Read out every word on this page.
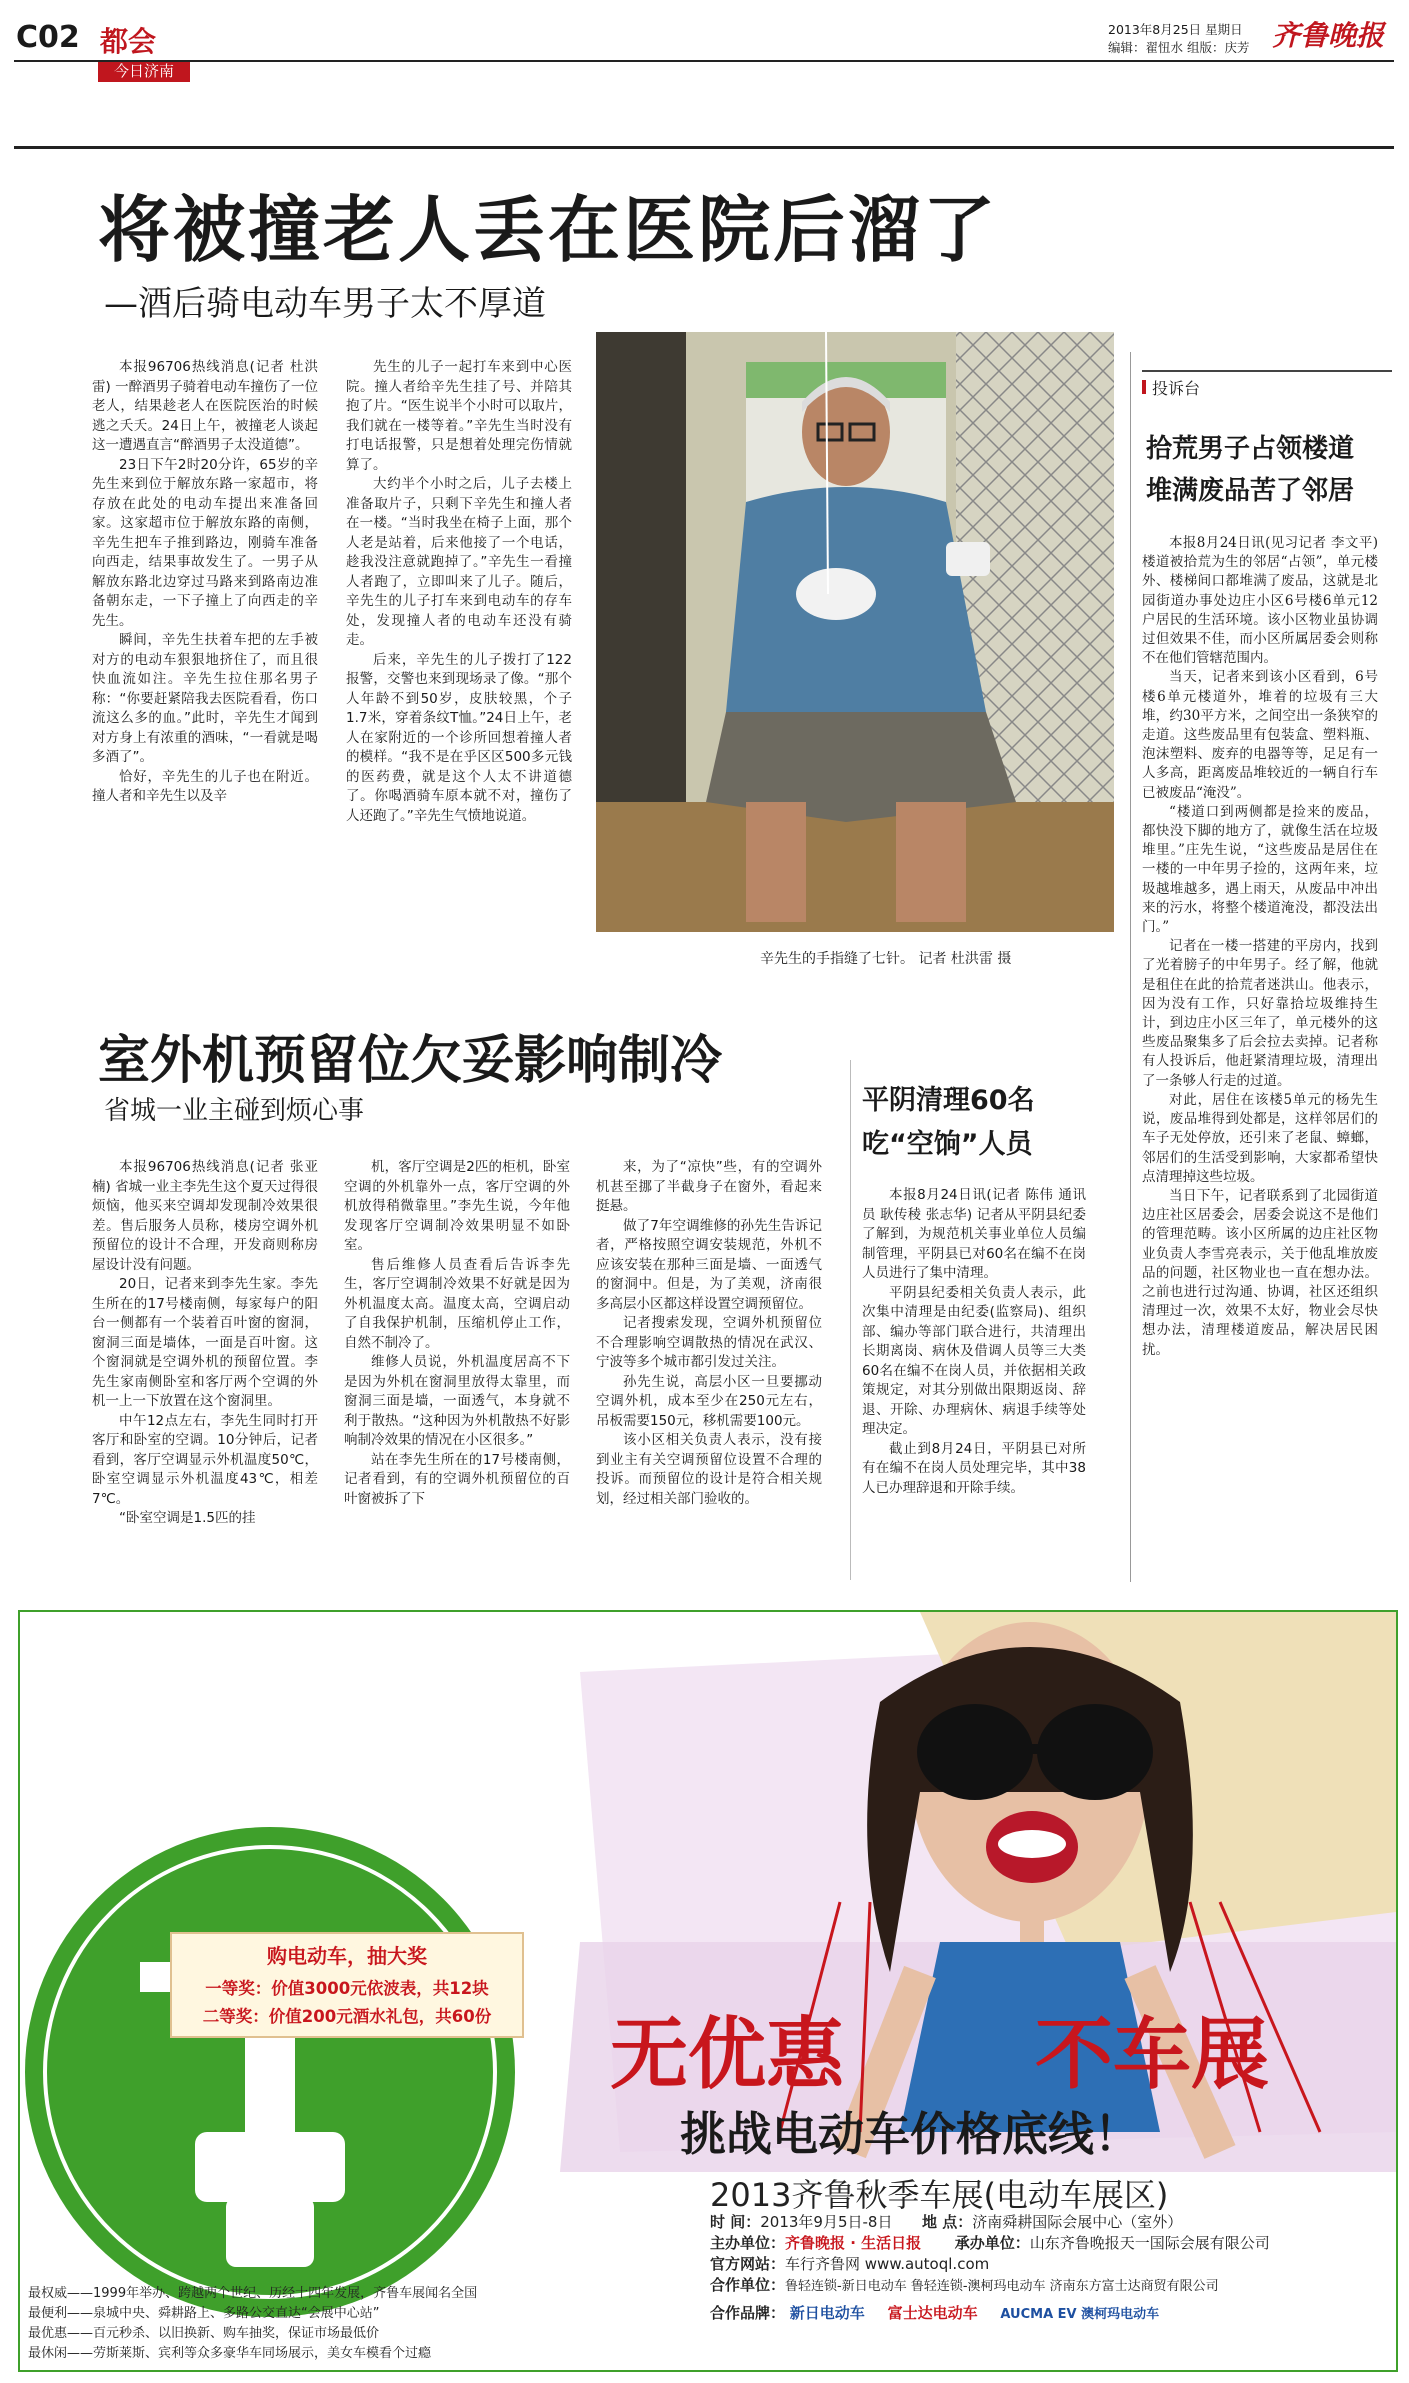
C02 都会
今日济南
2013年8月25日 星期日
编辑：翟忸水 组版：庆芳 齐鲁晚报
将被撞老人丢在医院后溜了
—酒后骑电动车男子太不厚道

本报96706热线消息(记者 杜洪雷) 一醉酒男子骑着电动车撞伤了一位老人，结果趁老人在医院医治的时候逃之夭夭。24日上午，被撞老人谈起这一遭遇直言“醉酒男子太没道德”。

23日下午2时20分许，65岁的辛先生来到位于解放东路一家超市，将存放在此处的电动车提出来准备回家。这家超市位于解放东路的南侧，辛先生把车子推到路边，刚骑车准备向西走，结果事故发生了。一男子从解放东路北边穿过马路来到路南边准备朝东走，一下子撞上了向西走的辛先生。

瞬间，辛先生扶着车把的左手被对方的电动车狠狠地挤住了，而且很快血流如注。辛先生拉住那名男子称：“你要赶紧陪我去医院看看，伤口流这么多的血。”此时，辛先生才闻到对方身上有浓重的酒味，“一看就是喝多酒了”。

恰好，辛先生的儿子也在附近。撞人者和辛先生以及辛

先生的儿子一起打车来到中心医院。撞人者给辛先生挂了号、并陪其抱了片。“医生说半个小时可以取片，我们就在一楼等着。”辛先生当时没有打电话报警，只是想着处理完伤情就算了。

大约半个小时之后，儿子去楼上准备取片子，只剩下辛先生和撞人者在一楼。“当时我坐在椅子上面，那个人老是站着，后来他接了一个电话，趁我没注意就跑掉了。”辛先生一看撞人者跑了，立即叫来了儿子。随后，辛先生的儿子打车来到电动车的存车处，发现撞人者的电动车还没有骑走。

后来，辛先生的儿子拨打了122报警，交警也来到现场录了像。“那个人年龄不到50岁，皮肤较黑，个子1.7米，穿着条纹T恤。”24日上午，老人在家附近的一个诊所回想着撞人者的模样。“我不是在乎区区500多元钱的医药费，就是这个人太不讲道德了。你喝酒骑车原本就不对，撞伤了人还跑了。”辛先生气愤地说道。

辛先生的手指缝了七针。 记者 杜洪雷 摄
投诉台
拾荒男子占领楼道
堆满废品苦了邻居

本报8月24日讯(见习记者 李文平) 楼道被拾荒为生的邻居“占领”，单元楼外、楼梯间口都堆满了废品，这就是北园街道办事处边庄小区6号楼6单元12户居民的生活环境。该小区物业虽协调过但效果不佳，而小区所属居委会则称不在他们管辖范围内。

当天，记者来到该小区看到，6号楼6单元楼道外，堆着的垃圾有三大堆，约30平方米，之间空出一条狭窄的走道。这些废品里有包装盒、塑料瓶、泡沫塑料、废弃的电器等等，足足有一人多高，距离废品堆较近的一辆自行车已被废品“淹没”。

“楼道口到两侧都是捡来的废品，都快没下脚的地方了，就像生活在垃圾堆里。”庄先生说，“这些废品是居住在一楼的一中年男子捡的，这两年来，垃圾越堆越多，遇上雨天，从废品中冲出来的污水，将整个楼道淹没，都没法出门。”

记者在一楼一搭建的平房内，找到了光着膀子的中年男子。经了解，他就是租住在此的拾荒者迷洪山。他表示，因为没有工作，只好靠拾垃圾维持生计，到边庄小区三年了，单元楼外的这些废品聚集多了后会拉去卖掉。记者称有人投诉后，他赶紧清理垃圾，清理出了一条够人行走的过道。

对此，居住在该楼5单元的杨先生说，废品堆得到处都是，这样邻居们的车子无处停放，还引来了老鼠、蟑螂，邻居们的生活受到影响，大家都希望快点清理掉这些垃圾。

当日下午，记者联系到了北园街道边庄社区居委会，居委会说这不是他们的管理范畴。该小区所属的边庄社区物业负责人李雪亮表示，关于他乱堆放废品的问题，社区物业也一直在想办法。之前也进行过沟通、协调，社区还组织清理过一次，效果不太好，物业会尽快想办法，清理楼道废品，解决居民困扰。

室外机预留位欠妥影响制冷
省城一业主碰到烦心事

本报96706热线消息(记者 张亚楠) 省城一业主李先生这个夏天过得很烦恼，他买来空调却发现制冷效果很差。售后服务人员称，楼房空调外机预留位的设计不合理，开发商则称房屋设计没有问题。

20日，记者来到李先生家。李先生所在的17号楼南侧，每家每户的阳台一侧都有一个装着百叶窗的窗洞，窗洞三面是墙体，一面是百叶窗。这个窗洞就是空调外机的预留位置。李先生家南侧卧室和客厅两个空调的外机一上一下放置在这个窗洞里。

中午12点左右，李先生同时打开客厅和卧室的空调。10分钟后，记者看到，客厅空调显示外机温度50℃，卧室空调显示外机温度43℃，相差7℃。

“卧室空调是1.5匹的挂

机，客厅空调是2匹的柜机，卧室空调的外机靠外一点，客厅空调的外机放得稍微靠里。”李先生说，今年他发现客厅空调制冷效果明显不如卧室。

售后维修人员查看后告诉李先生，客厅空调制冷效果不好就是因为外机温度太高。温度太高，空调启动了自我保护机制，压缩机停止工作，自然不制冷了。

维修人员说，外机温度居高不下是因为外机在窗洞里放得太靠里，而窗洞三面是墙，一面透气，本身就不利于散热。“这种因为外机散热不好影响制冷效果的情况在小区很多。”

站在李先生所在的17号楼南侧，记者看到，有的空调外机预留位的百叶窗被拆了下

来，为了“凉快”些，有的空调外机甚至挪了半截身子在窗外，看起来挺悬。

做了7年空调维修的孙先生告诉记者，严格按照空调安装规范，外机不应该安装在那种三面是墙、一面透气的窗洞中。但是，为了美观，济南很多高层小区都这样设置空调预留位。

记者搜索发现，空调外机预留位不合理影响空调散热的情况在武汉、宁波等多个城市都引发过关注。

孙先生说，高层小区一旦要挪动空调外机，成本至少在250元左右，吊板需要150元，移机需要100元。

该小区相关负责人表示，没有接到业主有关空调预留位设置不合理的投诉。而预留位的设计是符合相关规划，经过相关部门验收的。

平阴清理60名
吃“空饷”人员

本报8月24日讯(记者 陈伟 通讯员 耿传稜 张志华) 记者从平阴县纪委了解到，为规范机关事业单位人员编制管理，平阴县已对60名在编不在岗人员进行了集中清理。

平阴县纪委相关负责人表示，此次集中清理是由纪委(监察局)、组织部、编办等部门联合进行，共清理出长期离岗、病休及借调人员等三大类60名在编不在岗人员，并依据相关政策规定，对其分别做出限期返岗、辞退、开除、办理病休、病退手续等处理决定。

截止到8月24日，平阴县已对所有在编不在岗人员处理完毕，其中38人已办理辞退和开除手续。

购电动车，抽大奖
一等奖：价值3000元依波表，共12块
二等奖：价值200元酒水礼包，共60份	无优惠 不车展
挑战电动车价格底线！
2013齐鲁秋季车展(电动车展区)
时 间：2013年9月5日-8日 地 点：济南舜耕国际会展中心（室外）
主办单位：齐鲁晚报 · 生活日报 承办单位：山东齐鲁晚报天一国际会展有限公司
官方网站：车行齐鲁网 www.autoql.com
合作单位：鲁轻连锁-新日电动车 鲁轻连锁-澳柯玛电动车 济南东方富士达商贸有限公司
合作品牌： 新日电动车 富士达电动车 AUCMA EV 澳柯玛电动车
最权威——1999年举办、跨越两个世纪、历经十四年发展，齐鲁车展闻名全国
最便利——泉城中央、舜耕路上、多路公交直达“会展中心站”
最优惠——百元秒杀、以旧换新、购车抽奖，保证市场最低价
最休闲——劳斯莱斯、宾利等众多豪华车同场展示，美女车模看个过瘾
